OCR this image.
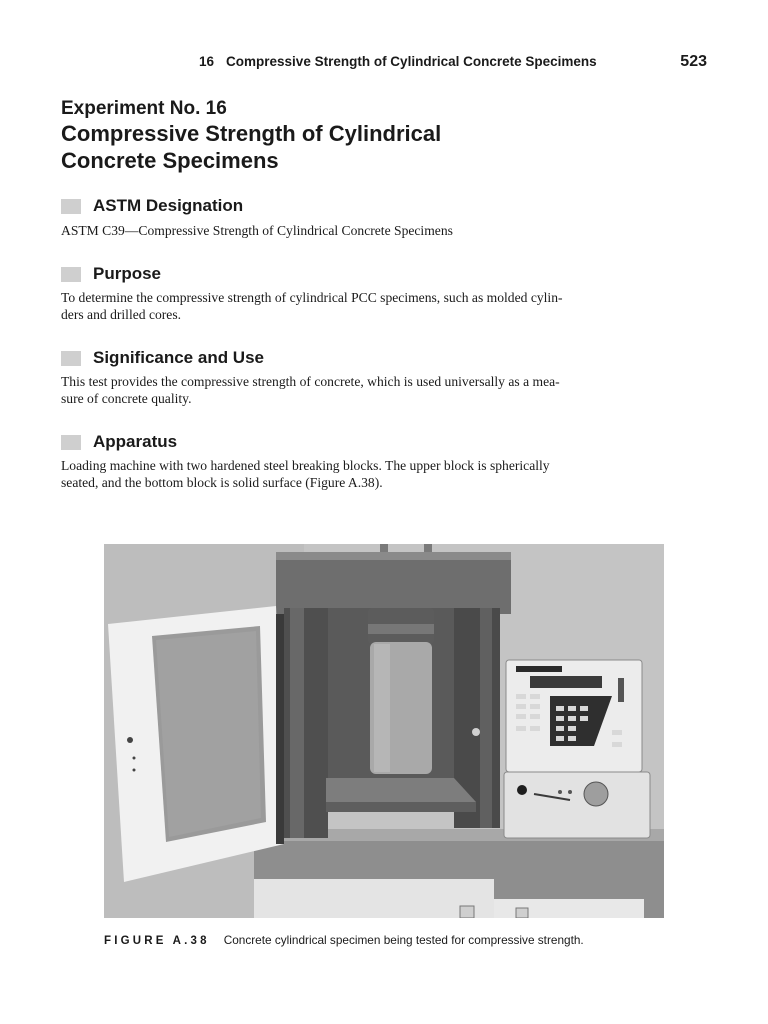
16 Compressive Strength of Cylindrical Concrete Specimens	523
Experiment No. 16
Compressive Strength of Cylindrical
Concrete Specimens
ASTM Designation

ASTM C39—Compressive Strength of Cylindrical Concrete Specimens

Purpose

To determine the compressive strength of cylindrical PCC specimens, such as molded cylin-
ders and drilled cores.

Significance and Use

This test provides the compressive strength of concrete, which is used universally as a mea-
sure of concrete quality.

Apparatus

Loading machine with two hardened steel breaking blocks. The upper block is spherically
seated, and the bottom block is solid surface (Figure A.38).

FIGURE A.38 Concrete cylindrical specimen being tested for compressive strength.
